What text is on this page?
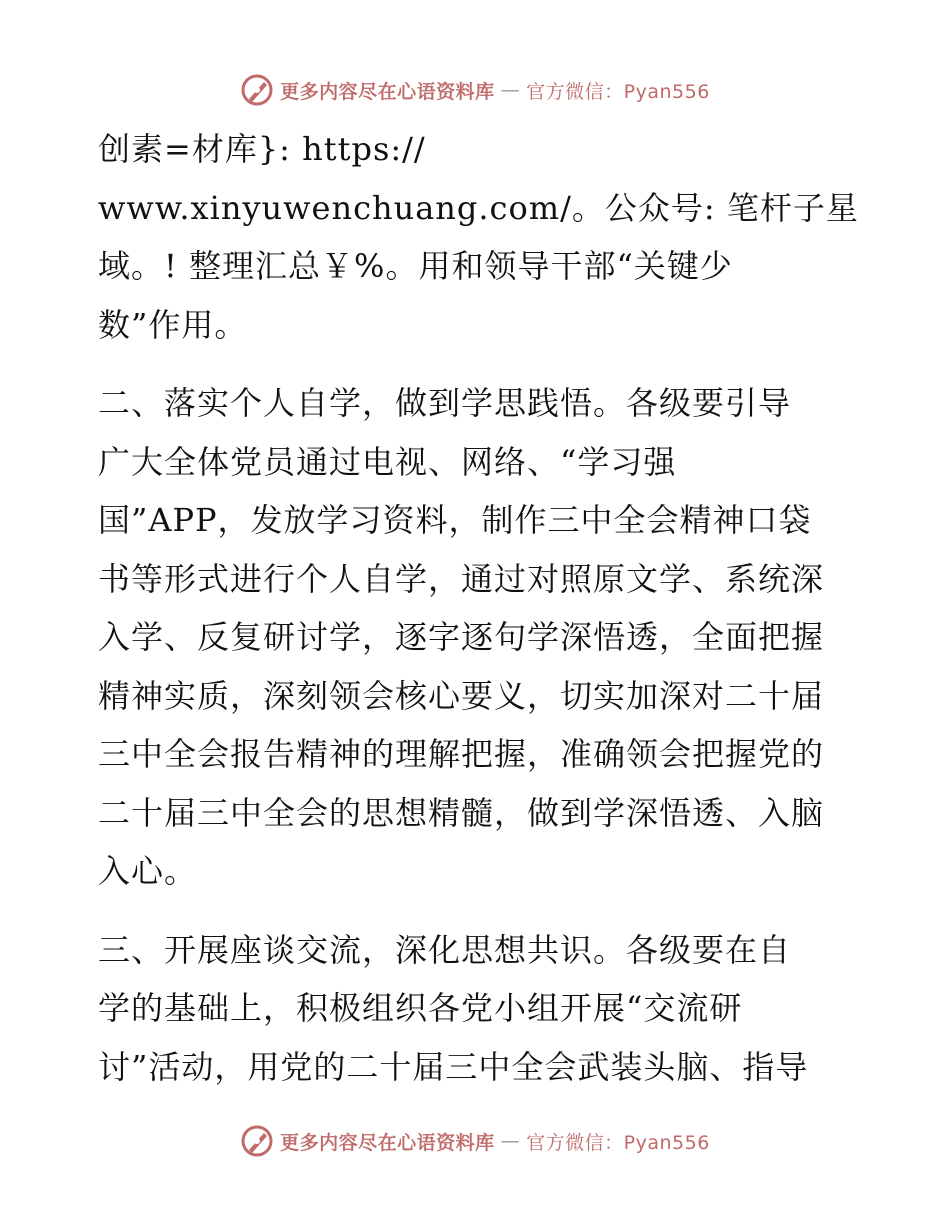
更多内容尽在心语资料库 — 官方微信：Pyan556
创素=材库}: https://
www.xinyuwenchuang.com/。公众号: 笔杆子星
域。! 整理汇总￥%。用和领导干部“关键少
数”作用。
二、落实个人自学，做到学思践悟。各级要引导
广大全体党员通过电视、网络、“学习强
国”APP，发放学习资料，制作三中全会精神口袋
书等形式进行个人自学，通过对照原文学、系统深
入学、反复研讨学，逐字逐句学深悟透，全面把握
精神实质，深刻领会核心要义，切实加深对二十届
三中全会报告精神的理解把握，准确领会把握党的
二十届三中全会的思想精髓，做到学深悟透、入脑
入心。
三、开展座谈交流，深化思想共识。各级要在自
学的基础上，积极组织各党小组开展“交流研
讨”活动，用党的二十届三中全会武装头脑、指导
更多内容尽在心语资料库 — 官方微信：Pyan556
